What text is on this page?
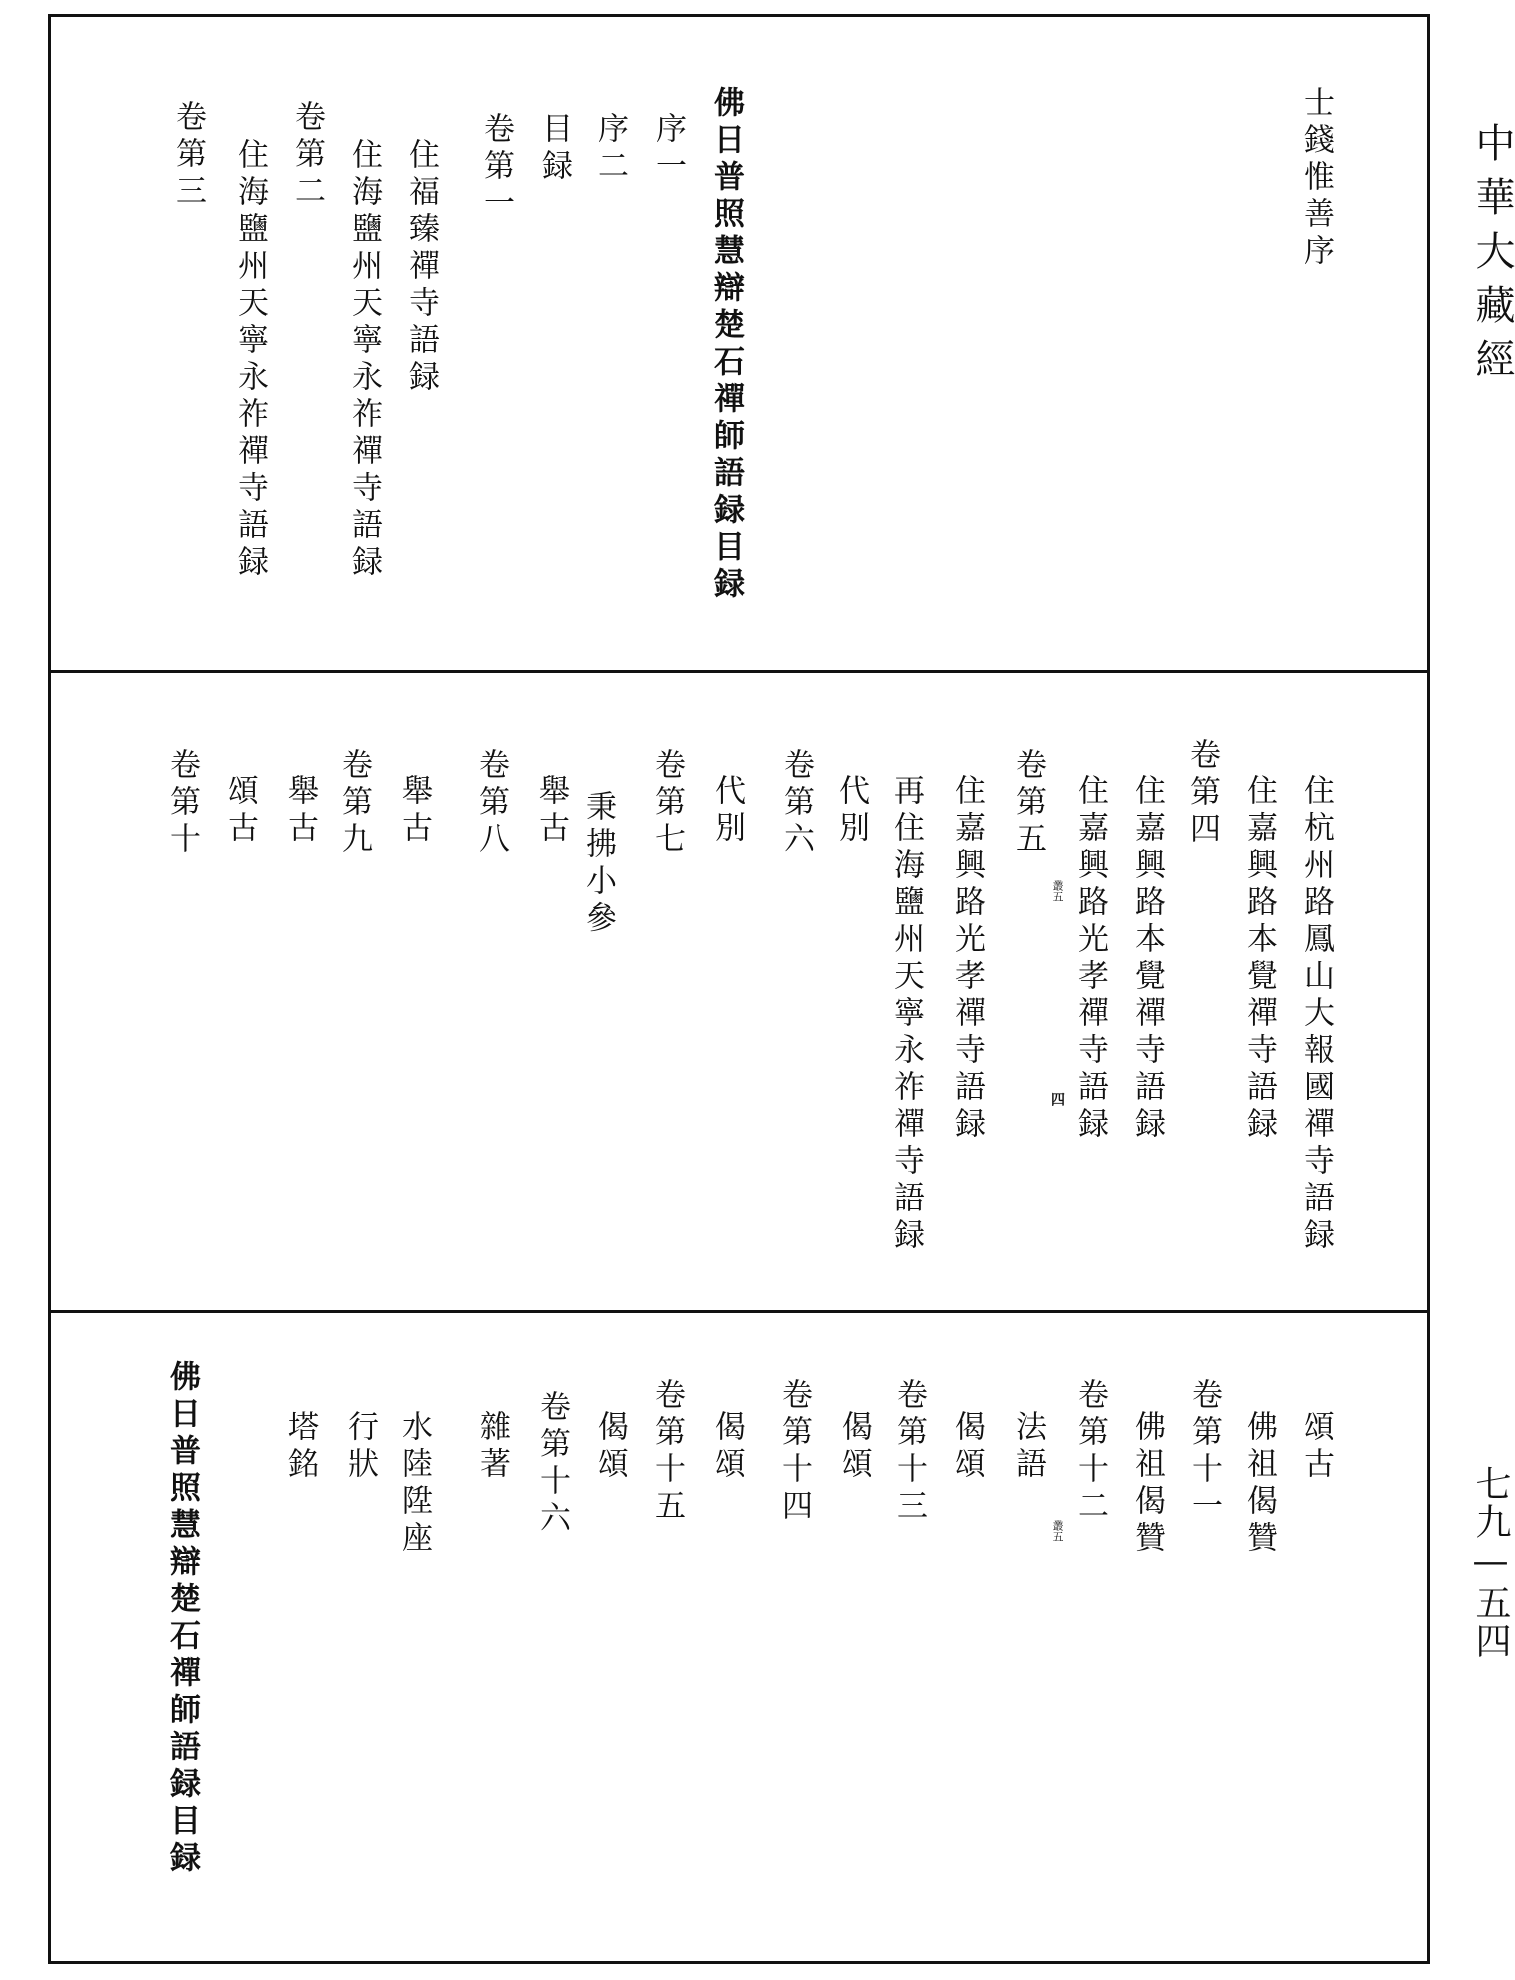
士錢惟善序
佛日普照慧辯楚石禪師語録目録
序一
序二
目録
卷第一
住福臻禪寺語録
住海鹽州天寧永祚禪寺語録
卷第二
住海鹽州天寧永祚禪寺語録
卷第三
住杭州路鳳山大報國禪寺語録
住嘉興路本覺禪寺語録
卷第四
住嘉興路本覺禪寺語録
住嘉興路光孝禪寺語録
卷第五
住嘉興路光孝禪寺語録
再住海鹽州天寧永祚禪寺語録
代別
卷第六
代別
卷第七
秉拂小參
舉古
卷第八
舉古
卷第九
舉古
頌古
卷第十
叢五
四
頌古
佛祖偈贊
卷第十一
佛祖偈贊
卷第十二
法語
偈頌
卷第十三
偈頌
卷第十四
偈頌
卷第十五
偈頌
卷第十六
雜著
水陸陞座
行狀
塔銘
佛日普照慧辯楚石禪師語録目録	叢五
中華大藏經
七九—五四
